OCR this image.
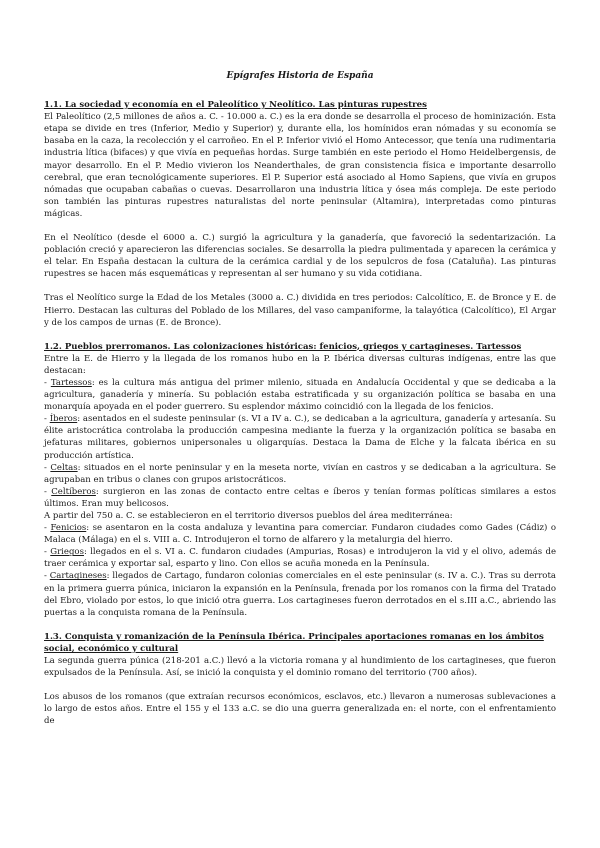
Epígrafes Historia de España

1.1. La sociedad y economía en el Paleolítico y Neolítico. Las pinturas rupestres

El Paleolítico (2,5 millones de años a. C. - 10.000 a. C.) es la era donde se desarrolla el proceso de hominización. Esta etapa se divide en tres (Inferior, Medio y Superior) y, durante ella, los homínidos eran nómadas y su economía se basaba en la caza, la recolección y el carroñeo. En el P. Inferior vivió el Homo Antecessor, que tenía una rudimentaria industria lítica (bifaces) y que vivía en pequeñas hordas. Surge también en este periodo el Homo Heidelbergensis, de mayor desarrollo. En el P. Medio vivieron los Neanderthales, de gran consistencia física e importante desarrollo cerebral, que eran tecnológicamente superiores. El P. Superior está asociado al Homo Sapiens, que vivía en grupos nómadas que ocupaban cabañas o cuevas. Desarrollaron una industria lítica y ósea más compleja. De este periodo son también las pinturas rupestres naturalistas del norte peninsular (Altamira), interpretadas como pinturas mágicas.

En el Neolítico (desde el 6000 a. C.) surgió la agricultura y la ganadería, que favoreció la sedentarización. La población creció y aparecieron las diferencias sociales. Se desarrolla la piedra pulimentada y aparecen la cerámica y el telar. En España destacan la cultura de la cerámica cardial y de los sepulcros de fosa (Cataluña). Las pinturas rupestres se hacen más esquemáticas y representan al ser humano y su vida cotidiana.

Tras el Neolítico surge la Edad de los Metales (3000 a. C.) dividida en tres periodos: Calcolítico, E. de Bronce y E. de Hierro. Destacan las culturas del Poblado de los Millares, del vaso campaniforme, la talayótica (Calcolítico), El Argar y de los campos de urnas (E. de Bronce).

1.2. Pueblos prerromanos. Las colonizaciones históricas: fenicios, griegos y cartagineses. Tartessos

Entre la E. de Hierro y la llegada de los romanos hubo en la P. Ibérica diversas culturas indígenas, entre las que destacan:

- Tartessos: es la cultura más antigua del primer milenio, situada en Andalucía Occidental y que se dedicaba a la agricultura, ganadería y minería. Su población estaba estratificada y su organización política se basaba en una monarquía apoyada en el poder guerrero. Su esplendor máximo coincidió con la llegada de los fenicios.

- Íberos: asentados en el sudeste peninsular (s. VI a IV a. C.), se dedicaban a la agricultura, ganadería y artesanía. Su élite aristocrática controlaba la producción campesina mediante la fuerza y la organización política se basaba en jefaturas militares, gobiernos unipersonales u oligarquías. Destaca la Dama de Elche y la falcata ibérica en su producción artística.

- Celtas: situados en el norte peninsular y en la meseta norte, vivían en castros y se dedicaban a la agricultura. Se agrupaban en tribus o clanes con grupos aristocráticos.

- Celtíberos: surgieron en las zonas de contacto entre celtas e íberos y tenían formas políticas similares a estos últimos. Eran muy belicosos.

A partir del 750 a. C. se establecieron en el territorio diversos pueblos del área mediterránea:

- Fenicios: se asentaron en la costa andaluza y levantina para comerciar. Fundaron ciudades como Gades (Cádiz) o Malaca (Málaga) en el s. VIII a. C. Introdujeron el torno de alfarero y la metalurgia del hierro.

- Griegos: llegados en el s. VI a. C. fundaron ciudades (Ampurias, Rosas) e introdujeron la vid y el olivo, además de traer cerámica y exportar sal, esparto y lino. Con ellos se acuña moneda en la Península.

- Cartagineses: llegados de Cartago, fundaron colonias comerciales en el este peninsular (s. IV a. C.). Tras su derrota en la primera guerra púnica, iniciaron la expansión en la Península, frenada por los romanos con la firma del Tratado del Ebro, violado por estos, lo que inició otra guerra. Los cartagineses fueron derrotados en el s.III a.C., abriendo las puertas a la conquista romana de la Península.

1.3. Conquista y romanización de la Península Ibérica. Principales aportaciones romanas en los ámbitos social, económico y cultural

La segunda guerra púnica (218-201 a.C.) llevó a la victoria romana y al hundimiento de los cartagineses, que fueron expulsados de la Península. Así, se inició la conquista y el dominio romano del territorio (700 años).

Los abusos de los romanos (que extraían recursos económicos, esclavos, etc.) llevaron a numerosas sublevaciones a lo largo de estos años. Entre el 155 y el 133 a.C. se dio una guerra generalizada en: el norte, con el enfrentamiento de
